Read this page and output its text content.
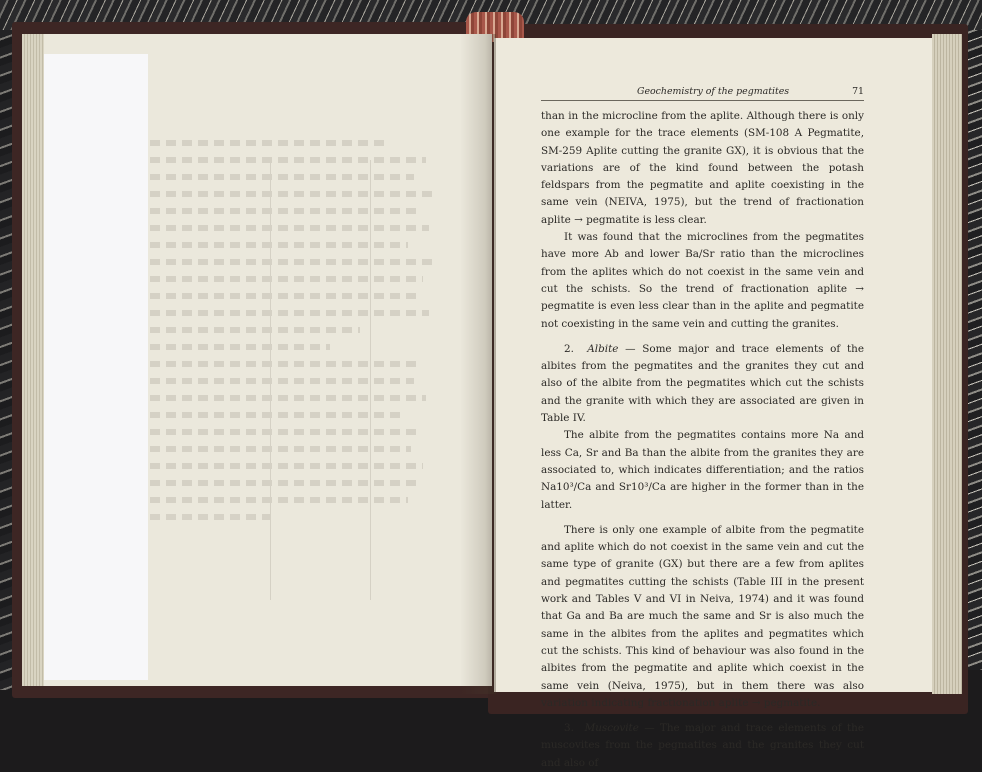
Geochemistry of the pegmatites	71

than in the microcline from the aplite. Although there is only one example for the trace elements (SM-108 A Pegmatite, SM-259 Aplite cutting the granite GX), it is obvious that the variations are of the kind found between the potash feldspars from the pegmatite and aplite coexisting in the same vein (NEIVA, 1975), but the trend of fractionation aplite → pegmatite is less clear.

It was found that the microclines from the pegmatites have more Ab and lower Ba/Sr ratio than the microclines from the aplites which do not coexist in the same vein and cut the schists. So the trend of fractionation aplite → pegmatite is even less clear than in the aplite and pegmatite not coexisting in the same vein and cutting the granites.

2. Albite — Some major and trace elements of the albites from the pegmatites and the granites they cut and also of the albite from the pegmatites which cut the schists and the granite with which they are associated are given in Table IV.

The albite from the pegmatites contains more Na and less Ca, Sr and Ba than the albite from the granites they are associated to, which indicates differentiation; and the ratios Na10³/Ca and Sr10³/Ca are higher in the former than in the latter.

There is only one example of albite from the pegmatite and aplite which do not coexist in the same vein and cut the same type of granite (GX) but there are a few from aplites and pegmatites cutting the schists (Table III in the present work and Tables V and VI in Neiva, 1974) and it was found that Ga and Ba are much the same and Sr is also much the same in the albites from the aplites and pegmatites which cut the schists. This kind of behaviour was also found in the albites from the pegmatite and aplite which coexist in the same vein (Neiva, 1975), but in them there was also variation indicating fractionation aplite → pegmatite.

3. Muscovite — The major and trace elements of the muscovites from the pegmatites and the granites they cut and also of
